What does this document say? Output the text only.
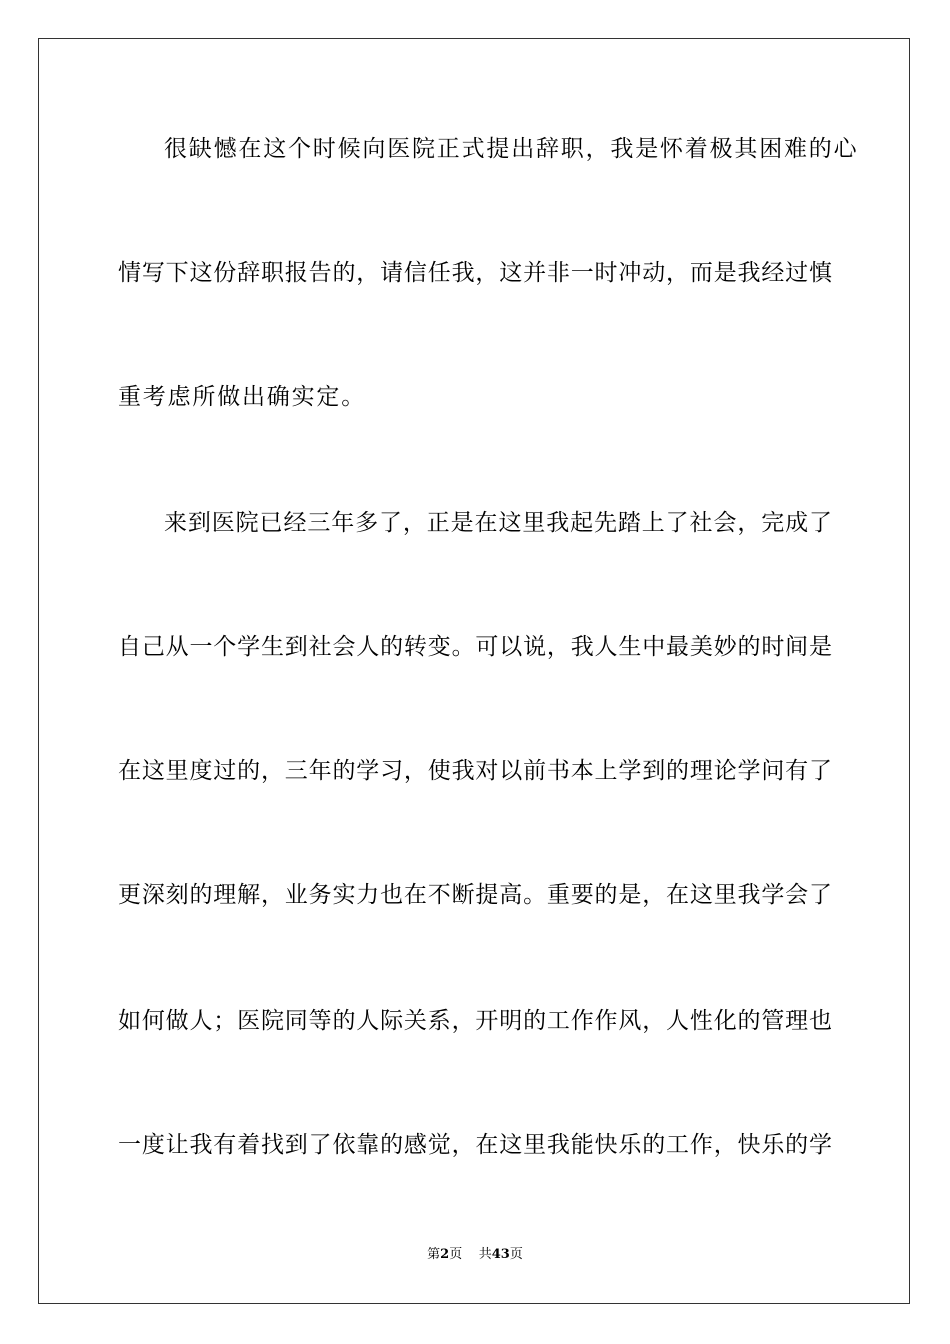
很缺憾在这个时候向医院正式提出辞职，我是怀着极其困难的心
情写下这份辞职报告的，请信任我，这并非一时冲动，而是我经过慎
重考虑所做出确实定。
来到医院已经三年多了，正是在这里我起先踏上了社会，完成了
自己从一个学生到社会人的转变。可以说，我人生中最美妙的时间是
在这里度过的，三年的学习，使我对以前书本上学到的理论学问有了
更深刻的理解，业务实力也在不断提高。重要的是，在这里我学会了
如何做人；医院同等的人际关系，开明的工作作风，人性化的管理也
一度让我有着找到了依靠的感觉，在这里我能快乐的工作，快乐的学
第2页 共43页
